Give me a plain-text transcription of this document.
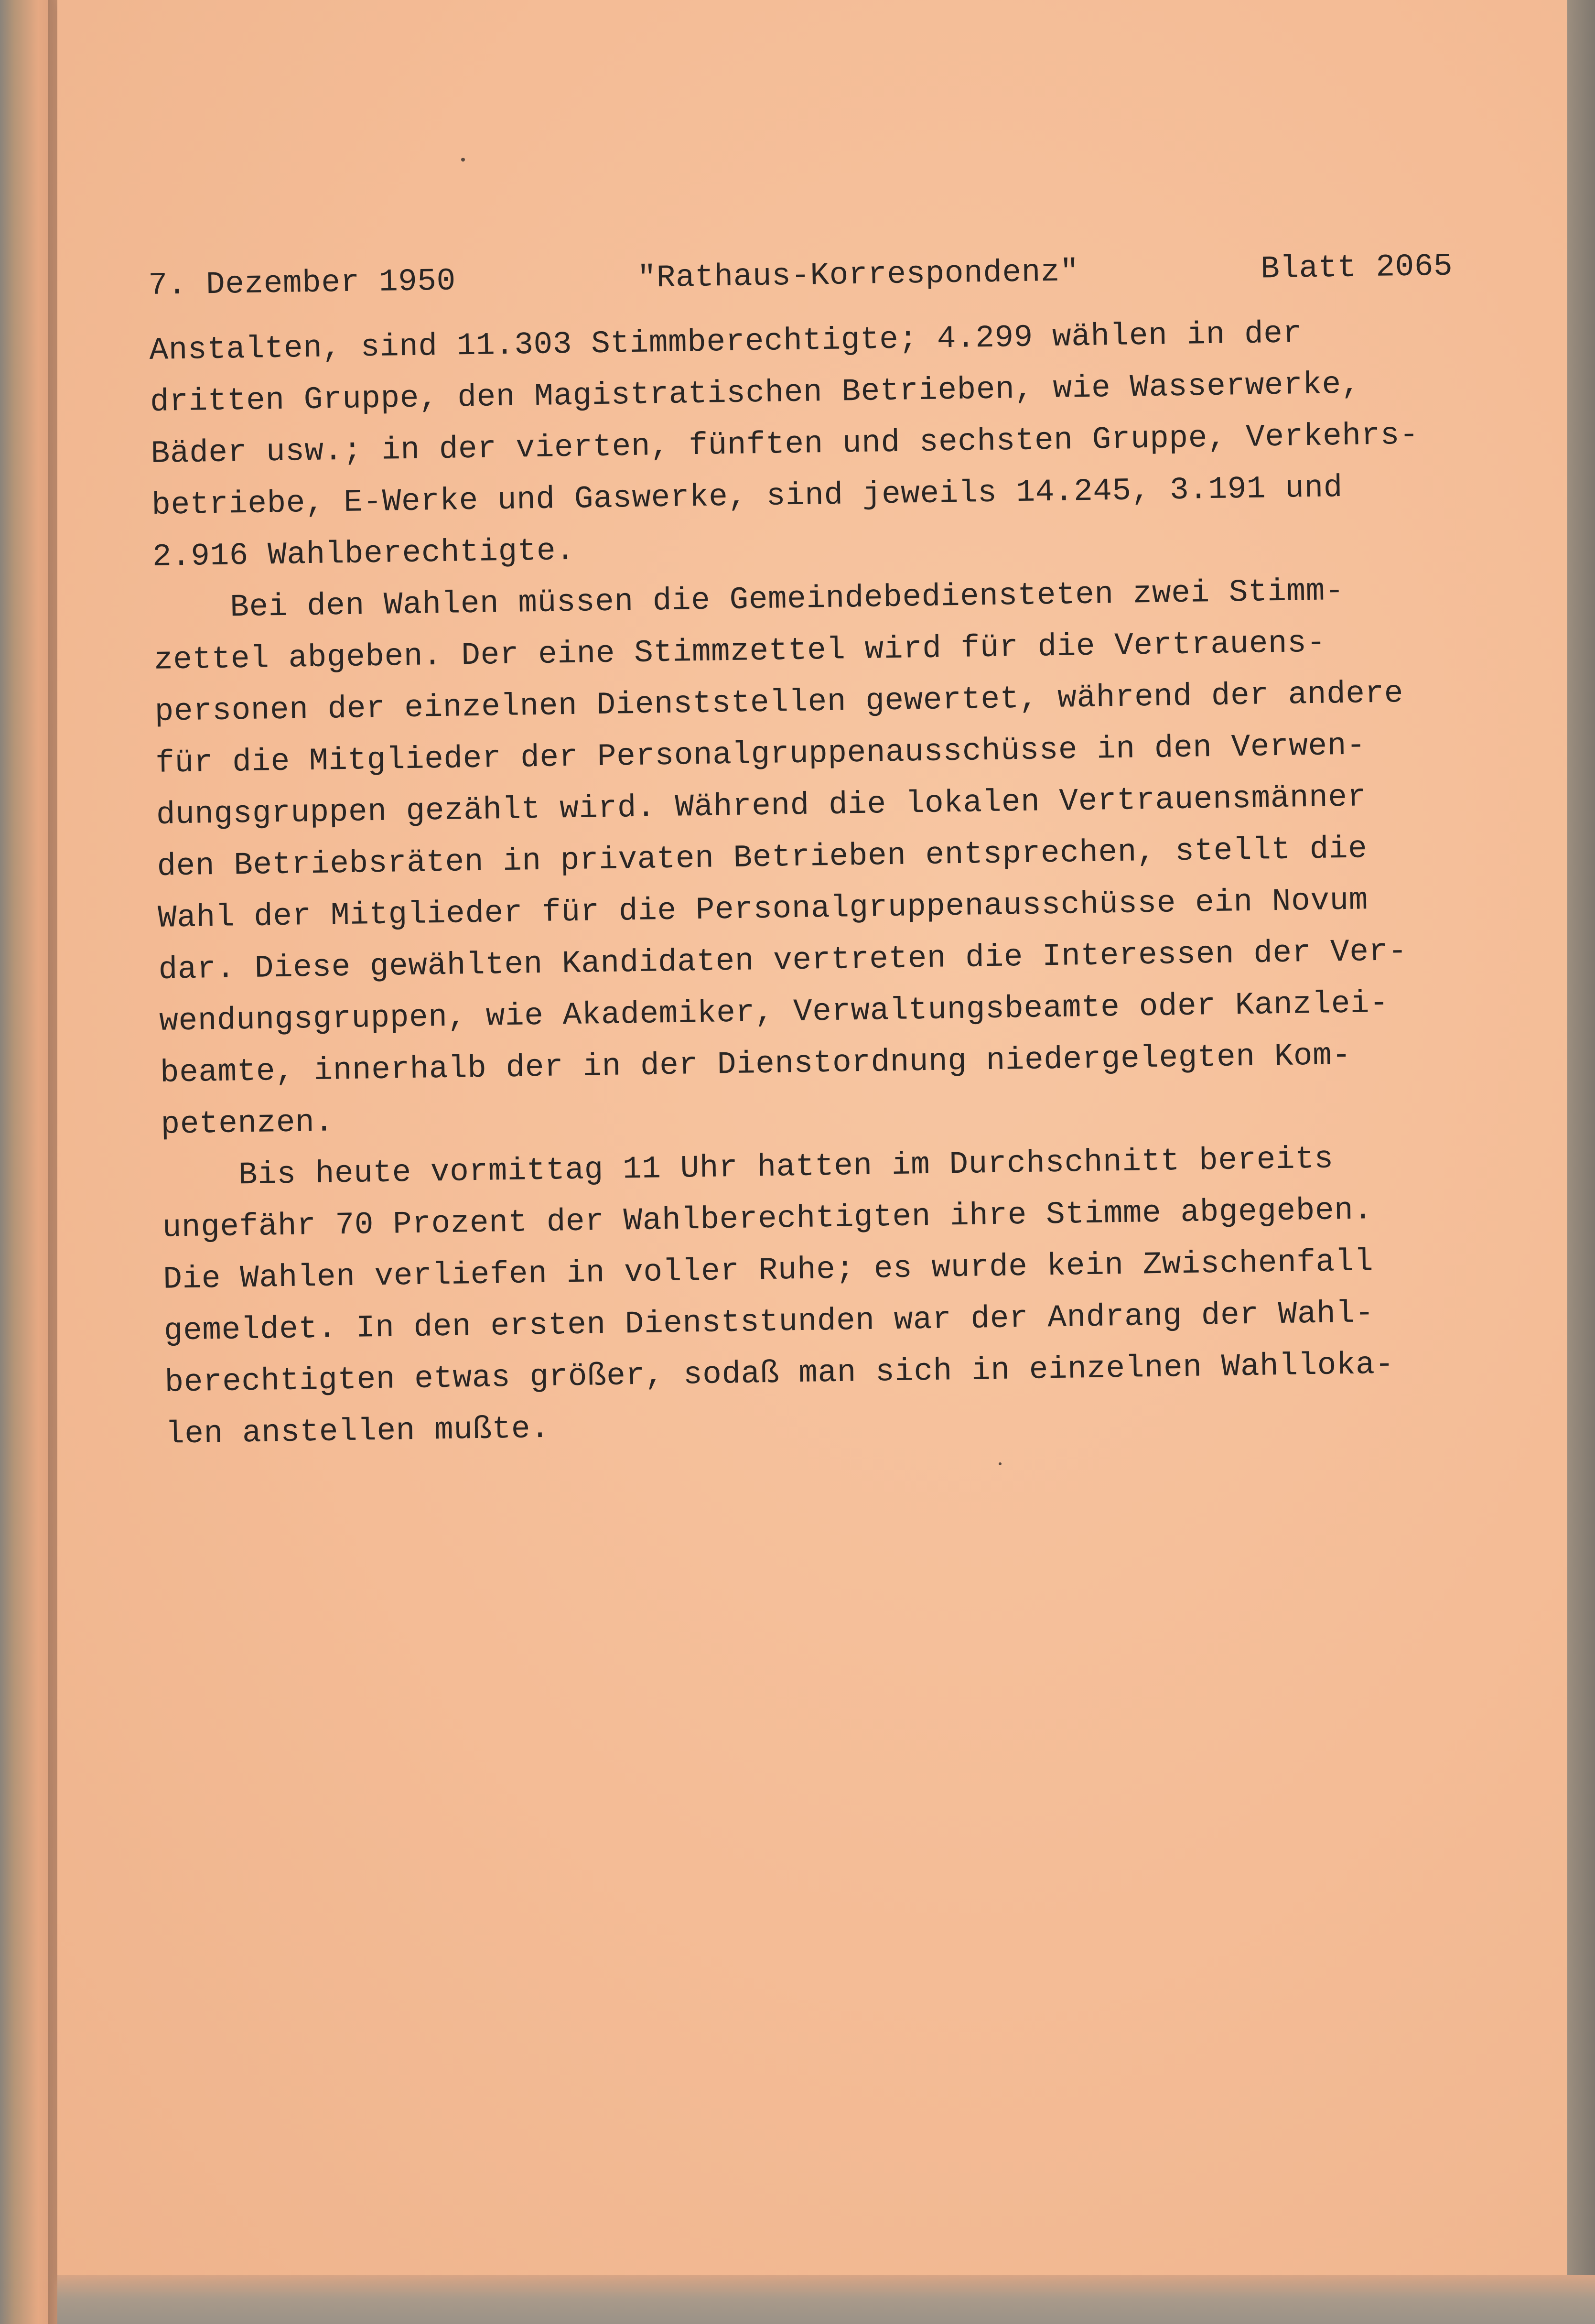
7. Dezember 1950	"Rathaus-Korrespondenz"	Blatt 2065
Anstalten, sind 11.303 Stimmberechtigte; 4.299 wählen in der
dritten Gruppe, den Magistratischen Betrieben, wie Wasserwerke,
Bäder usw.; in der vierten, fünften und sechsten Gruppe, Verkehrs-
betriebe, E-Werke und Gaswerke, sind jeweils 14.245, 3.191 und
2.916 Wahlberechtigte.
Bei den Wahlen müssen die Gemeindebediensteten zwei Stimm-
zettel abgeben. Der eine Stimmzettel wird für die Vertrauens-
personen der einzelnen Dienststellen gewertet, während der andere
für die Mitglieder der Personalgruppenausschüsse in den Verwen-
dungsgruppen gezählt wird. Während die lokalen Vertrauensmänner
den Betriebsräten in privaten Betrieben entsprechen, stellt die
Wahl der Mitglieder für die Personalgruppenausschüsse ein Novum
dar. Diese gewählten Kandidaten vertreten die Interessen der Ver-
wendungsgruppen, wie Akademiker, Verwaltungsbeamte oder Kanzlei-
beamte, innerhalb der in der Dienstordnung niedergelegten Kom-
petenzen.
Bis heute vormittag 11 Uhr hatten im Durchschnitt bereits
ungefähr 70 Prozent der Wahlberechtigten ihre Stimme abgegeben.
Die Wahlen verliefen in voller Ruhe; es wurde kein Zwischenfall
gemeldet. In den ersten Dienststunden war der Andrang der Wahl-
berechtigten etwas größer, sodaß man sich in einzelnen Wahlloka-
len anstellen mußte.
